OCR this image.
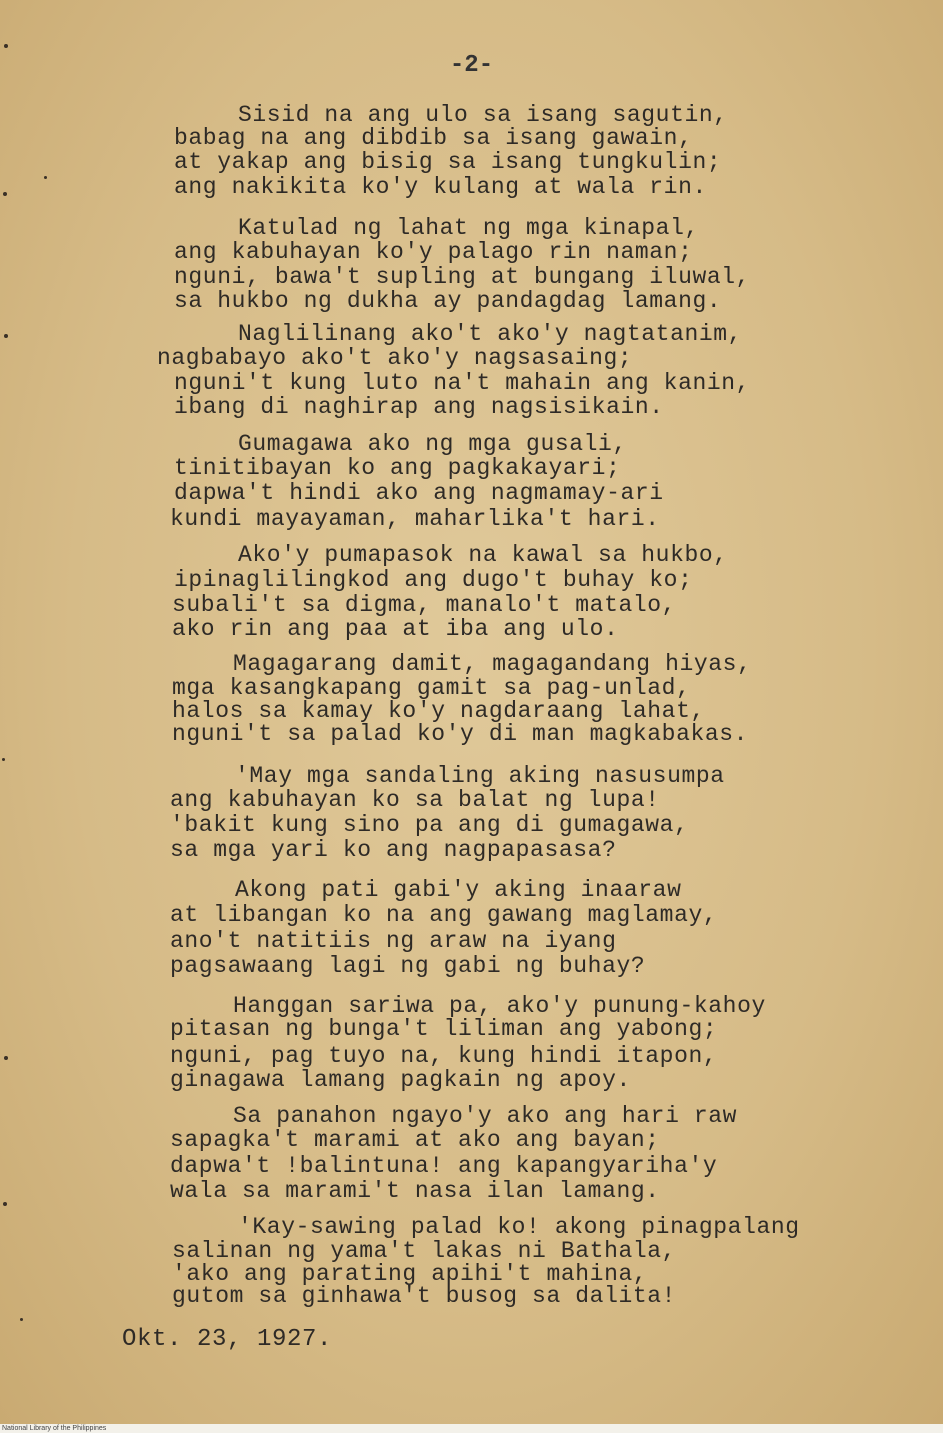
-2-
Sisid na ang ulo sa isang sagutin,
babag na ang dibdib sa isang gawain,
at yakap ang bisig sa isang tungkulin;
ang nakikita ko'y kulang at wala rin.
Katulad ng lahat ng mga kinapal,
ang kabuhayan ko'y palago rin naman;
nguni, bawa't supling at bungang iluwal,
sa hukbo ng dukha ay pandagdag lamang.
Naglilinang ako't ako'y nagtatanim,
nagbabayo ako't ako'y nagsasaing;
nguni't kung luto na't mahain ang kanin,
ibang di naghirap ang nagsisikain.
Gumagawa ako ng mga gusali,
tinitibayan ko ang pagkakayari;
dapwa't hindi ako ang nagmamay-ari
kundi mayayaman, maharlika't hari.
Ako'y pumapasok na kawal sa hukbo,
ipinaglilingkod ang dugo't buhay ko;
subali't sa digma, manalo't matalo,
ako rin ang paa at iba ang ulo.
Magagarang damit, magagandang hiyas,
mga kasangkapang gamit sa pag-unlad,
halos sa kamay ko'y nagdaraang lahat,
nguni't sa palad ko'y di man magkabakas.
'May mga sandaling aking nasusumpa
ang kabuhayan ko sa balat ng lupa!
'bakit kung sino pa ang di gumagawa,
sa mga yari ko ang nagpapasasa?
Akong pati gabi'y aking inaaraw
at libangan ko na ang gawang maglamay,
ano't natitiis ng araw na iyang
pagsawaang lagi ng gabi ng buhay?
Hanggan sariwa pa, ako'y punung-kahoy
pitasan ng bunga't liliman ang yabong;
nguni, pag tuyo na, kung hindi itapon,
ginagawa lamang pagkain ng apoy.
Sa panahon ngayo'y ako ang hari raw
sapagka't marami at ako ang bayan;
dapwa't !balintuna! ang kapangyariha'y
wala sa marami't nasa ilan lamang.
'Kay-sawing palad ko! akong pinagpalang
salinan ng yama't lakas ni Bathala,
'ako ang parating apihi't mahina,
gutom sa ginhawa't busog sa dalita!
Okt. 23, 1927.
National Library of the Philippines
